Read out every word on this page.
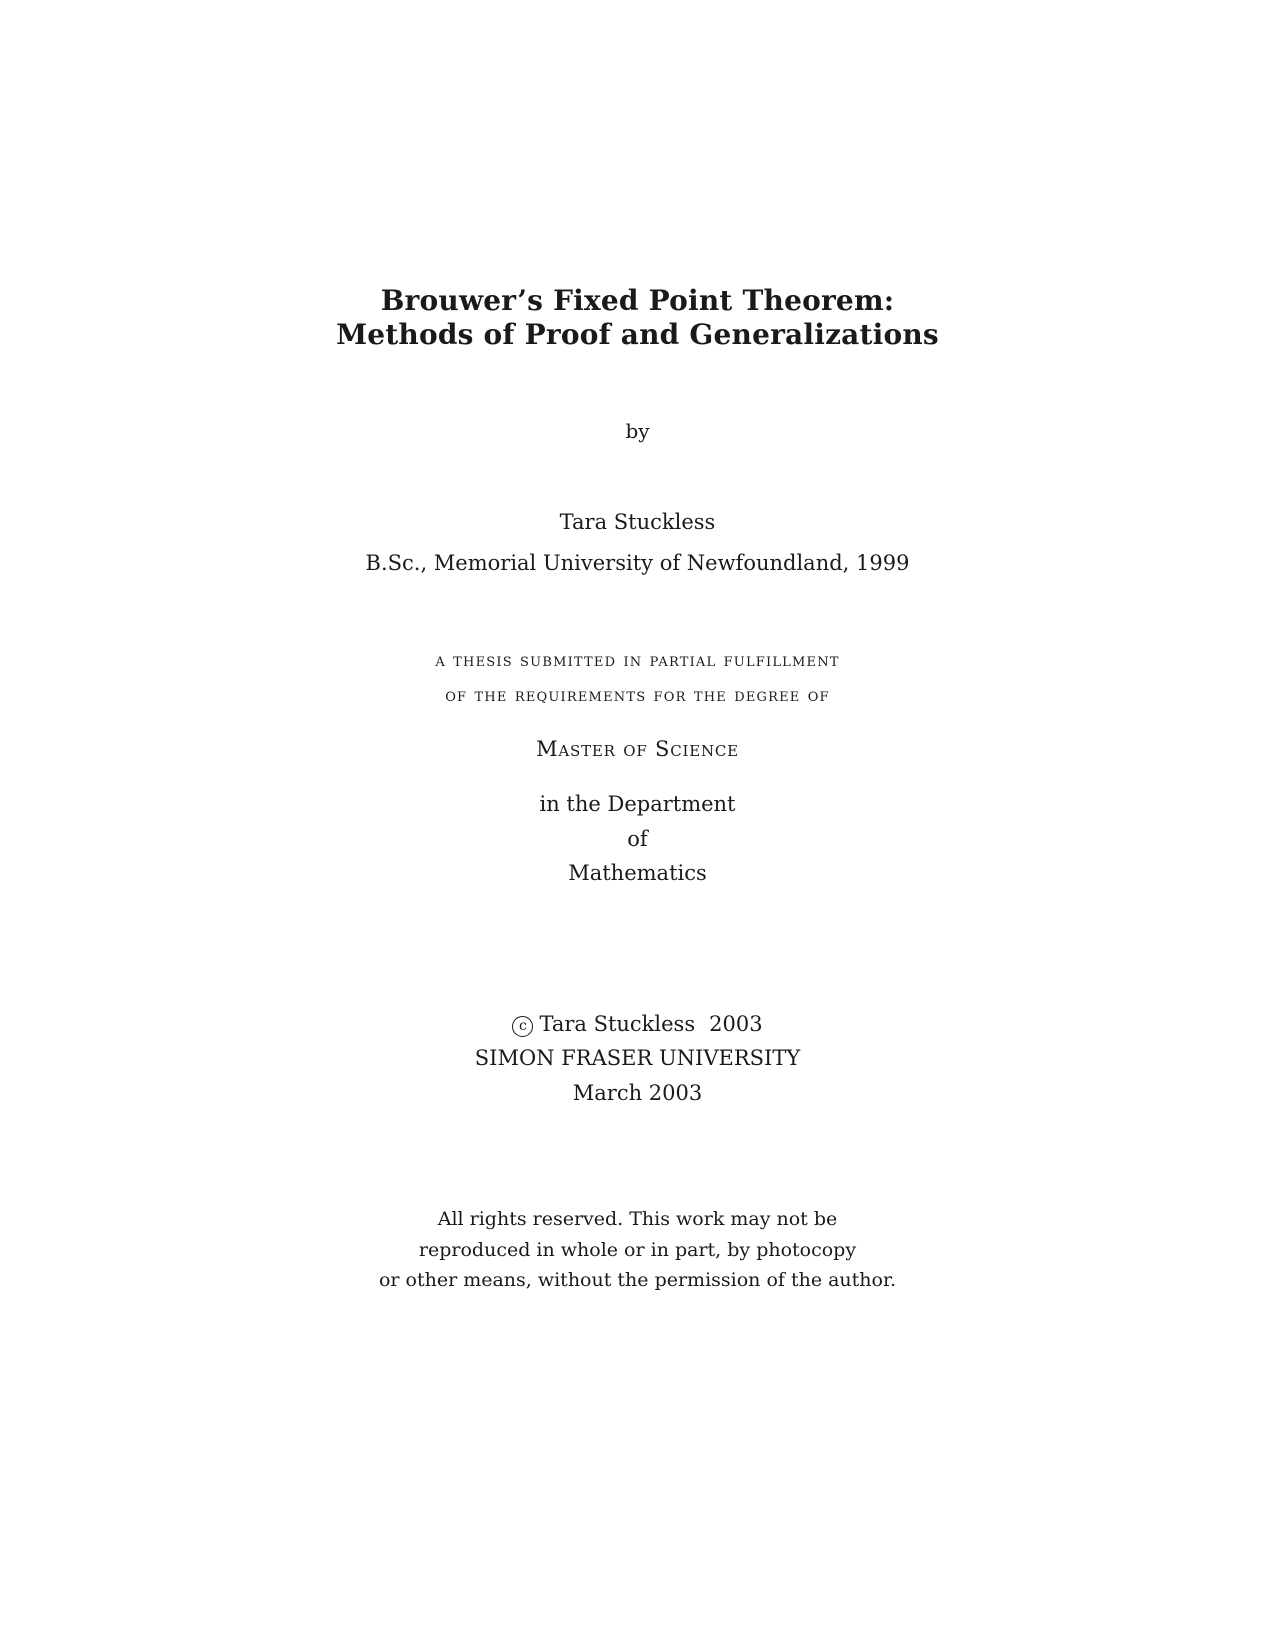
Brouwer’s Fixed Point Theorem:
Methods of Proof and Generalizations
by
Tara Stuckless
B.Sc., Memorial University of Newfoundland, 1999
a thesis submitted in partial fulfillment
of the requirements for the degree of
Master of Science
in the Department
of
Mathematics
cTara Stuckless 2003
SIMON FRASER UNIVERSITY
March 2003
All rights reserved. This work may not be
reproduced in whole or in part, by photocopy
or other means, without the permission of the author.
